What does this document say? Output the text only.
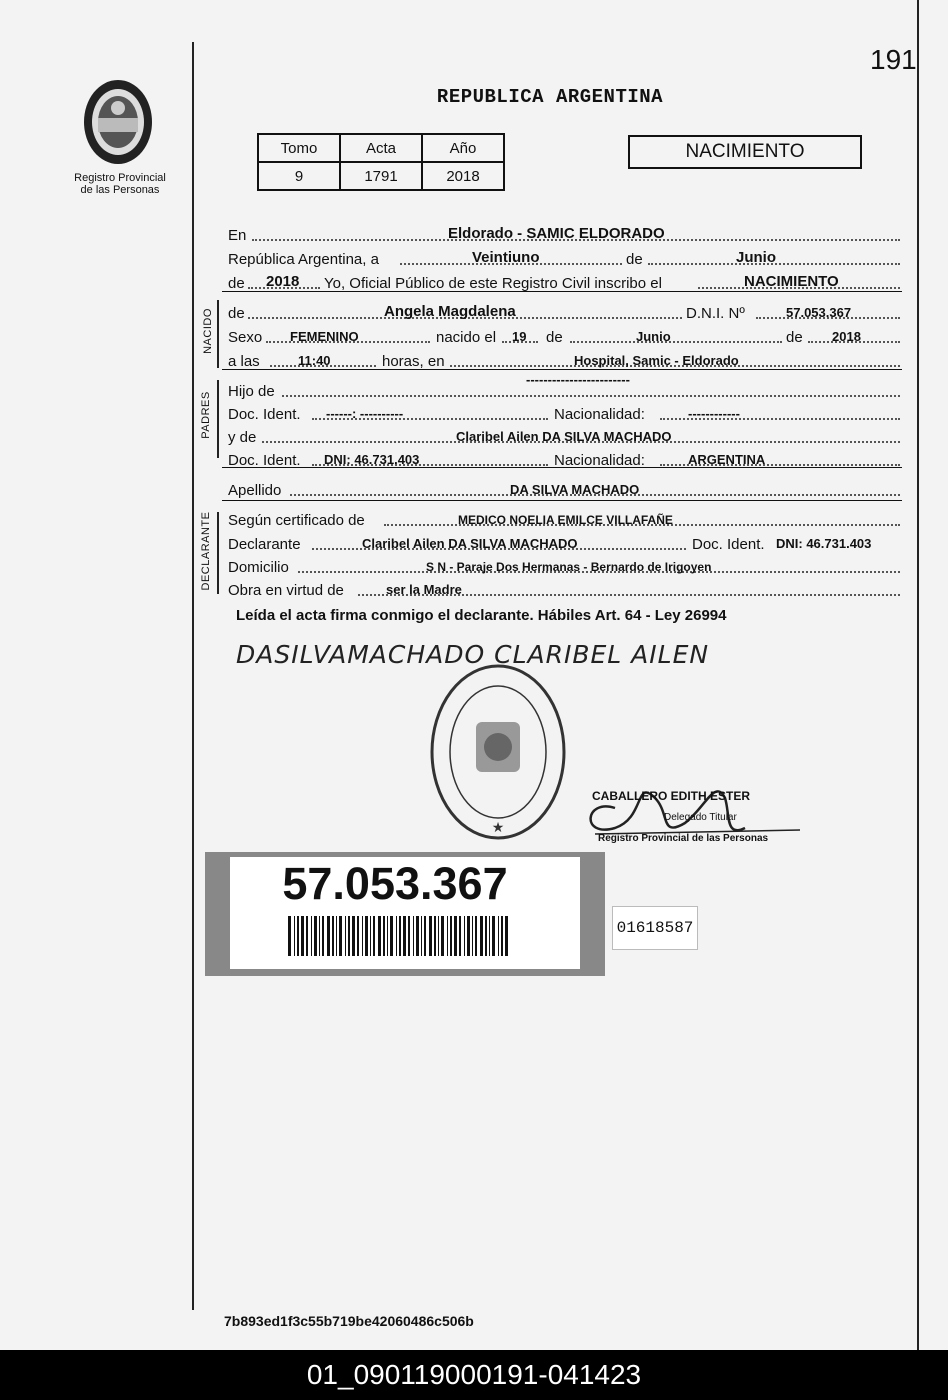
191
Registro Provincial
de las Personas
REPUBLICA ARGENTINA
Tomo	Acta	Año
9	1791	2018
NACIMIENTO
En	Eldorado - SAMIC ELDORADO
República Argentina, a	Veintiuno	de	Junio
de 2018 Yo, Oficial Público de este Registro Civil inscribo el	NACIMIENTO
NACIDO de	Angela Magdalena	D.N.I. Nº	57.053.367
Sexo FEMENINO	nacido el 19 de	Junio	de 2018
a las	11:40	horas, en	Hospital, Samic - Eldorado
PADRES Hijo de
------------------------
Doc. Ident. ------: ----------	Nacionalidad:	------------
y de	Claribel Ailen DA SILVA MACHADO
Doc. Ident. DNI: 46.731.403	Nacionalidad:	ARGENTINA
Apellido	DA SILVA MACHADO
DECLARANTE Según certificado de	MEDICO NOELIA EMILCE VILLAFAÑE
Declarante	Claribel Ailen DA SILVA MACHADO	Doc. Ident. DNI: 46.731.403
Domicilio	S N - Paraje Dos Hermanas - Bernardo de Irigoyen
Obra en virtud de	ser la Madre
Leída el acta firma conmigo el declarante. Hábiles Art. 64 - Ley 26994
DASILVAMACHADO CLARIBEL AILEN
★
CABALLERO EDITH ESTER
Delegado Titular
Registro Provincial de las Personas
57.053.367
01618587
7b893ed1f3c55b719be42060486c506b
01_090119000191-041423
